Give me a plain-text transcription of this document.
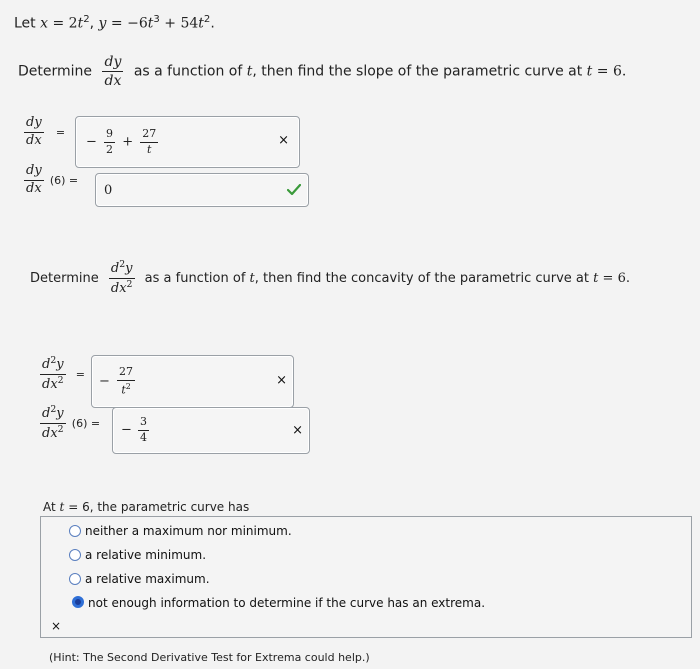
Let $x = 2t^2$, $y = -6t^3 + 54t^2$.
Determine $\frac{dy}{dx}$ as a function of t, then find the slope of the parametric curve at t = 6.
$\frac{dy}{dx}$ =
− $\frac{9}{2} + \frac{27}{t}$	×
$\frac{dy}{dx} (6)$ =
0
Determine $\frac{d^2y}{dx^2}$ as a function of t, then find the concavity of the parametric curve at t = 6.
$\frac{d^2y}{dx^2}$ = − $\frac{27}{t^2}$	×
$\frac{d^2y}{dx^2} (6)$ = − $\frac{3}{4}$	×
At t = 6, the parametric curve has
neither a maximum nor minimum.
a relative minimum.
a relative maximum.
not enough information to determine if the curve has an extrema.
×
(Hint: The Second Derivative Test for Extrema could help.)
